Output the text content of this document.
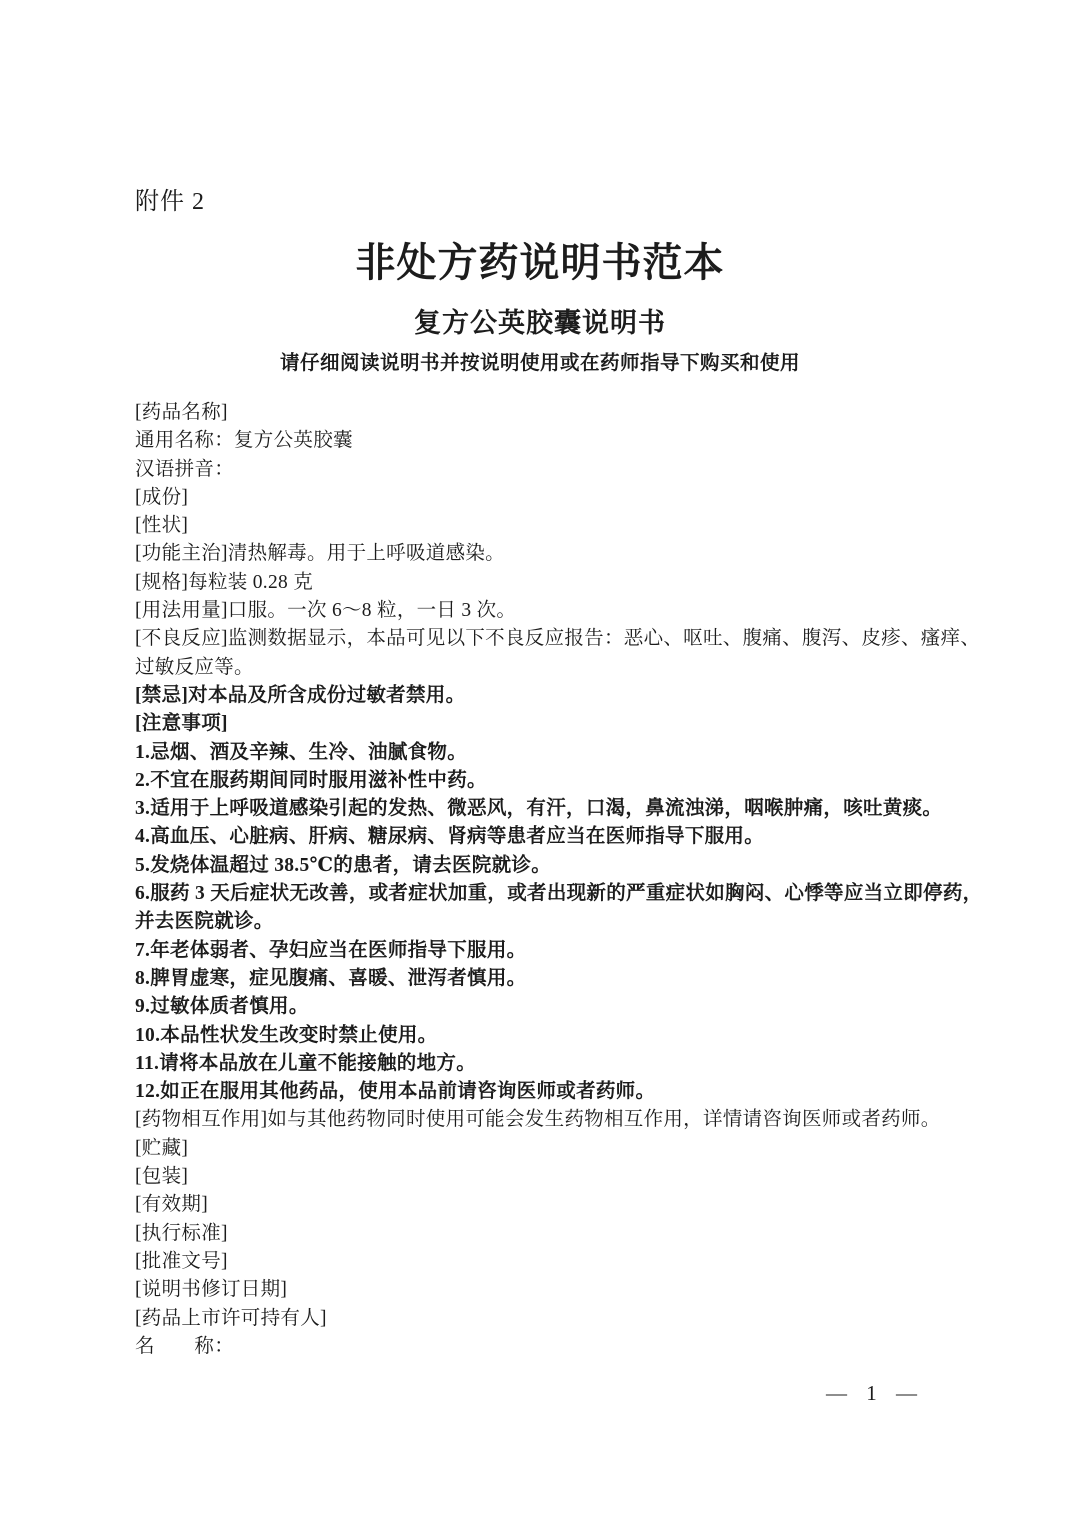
附件 2
非处方药说明书范本
复方公英胶囊说明书
请仔细阅读说明书并按说明使用或在药师指导下购买和使用
[药品名称]
通用名称：复方公英胶囊
汉语拼音：
[成份]
[性状]
[功能主治]清热解毒。用于上呼吸道感染。
[规格]每粒装 0.28 克
[用法用量]口服。一次 6～8 粒，一日 3 次。
[不良反应]监测数据显示，本品可见以下不良反应报告：恶心、呕吐、腹痛、腹泻、皮疹、瘙痒、
过敏反应等。
[禁忌]对本品及所含成份过敏者禁用。
[注意事项]
1.忌烟、酒及辛辣、生冷、油腻食物。
2.不宜在服药期间同时服用滋补性中药。
3.适用于上呼吸道感染引起的发热、微恶风，有汗，口渴，鼻流浊涕，咽喉肿痛，咳吐黄痰。
4.高血压、心脏病、肝病、糖尿病、肾病等患者应当在医师指导下服用。
5.发烧体温超过 38.5℃的患者，请去医院就诊。
6.服药 3 天后症状无改善，或者症状加重，或者出现新的严重症状如胸闷、心悸等应当立即停药，
并去医院就诊。
7.年老体弱者、孕妇应当在医师指导下服用。
8.脾胃虚寒，症见腹痛、喜暖、泄泻者慎用。
9.过敏体质者慎用。
10.本品性状发生改变时禁止使用。
11.请将本品放在儿童不能接触的地方。
12.如正在服用其他药品，使用本品前请咨询医师或者药师。
[药物相互作用]如与其他药物同时使用可能会发生药物相互作用，详情请咨询医师或者药师。
[贮藏]
[包装]
[有效期]
[执行标准]
[批准文号]
[说明书修订日期]
[药品上市许可持有人]
名　　称：
— 1 —
